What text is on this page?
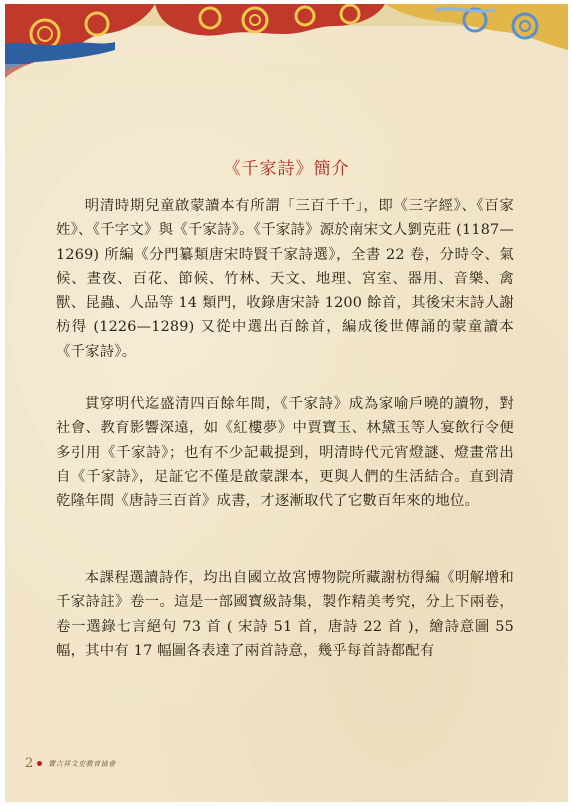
《千家詩》簡介

明清時期兒童啟蒙讀本有所謂「三百千千」，即《三字經》、《百家姓》、《千字文》與《千家詩》。《千家詩》源於南宋文人劉克莊 (1187—1269) 所編《分門纂類唐宋時賢千家詩選》，全書 22 卷，分時令、氣候、晝夜、百花、節候、竹林、天文、地理、宮室、器用、音樂、禽獸、昆蟲、人品等 14 類門，收錄唐宋詩 1200 餘首，其後宋末詩人謝枋得 (1226—1289) 又從中選出百餘首，編成後世傳誦的蒙童讀本《千家詩》。

貫穿明代迄盛清四百餘年間，《千家詩》成為家喻戶曉的讀物，對社會、教育影響深遠，如《紅樓夢》中賈寶玉、林黛玉等人宴飲行令便多引用《千家詩》；也有不少記載提到，明清時代元宵燈謎、燈畫常出自《千家詩》，足証它不僅是啟蒙課本，更與人們的生活結合。直到清乾隆年間《唐詩三百首》成書，才逐漸取代了它數百年來的地位。

本課程選讀詩作，均出自國立故宮博物院所藏謝枋得編《明解增和千家詩註》卷一。這是一部國寶級詩集，製作精美考究，分上下兩卷，卷一選錄七言絕句 73 首 ( 宋詩 51 首，唐詩 22 首 )，繪詩意圖 55 幅，其中有 17 幅圖各表達了兩首詩意，幾乎每首詩都配有

2 寶吉祥文史教育協會
